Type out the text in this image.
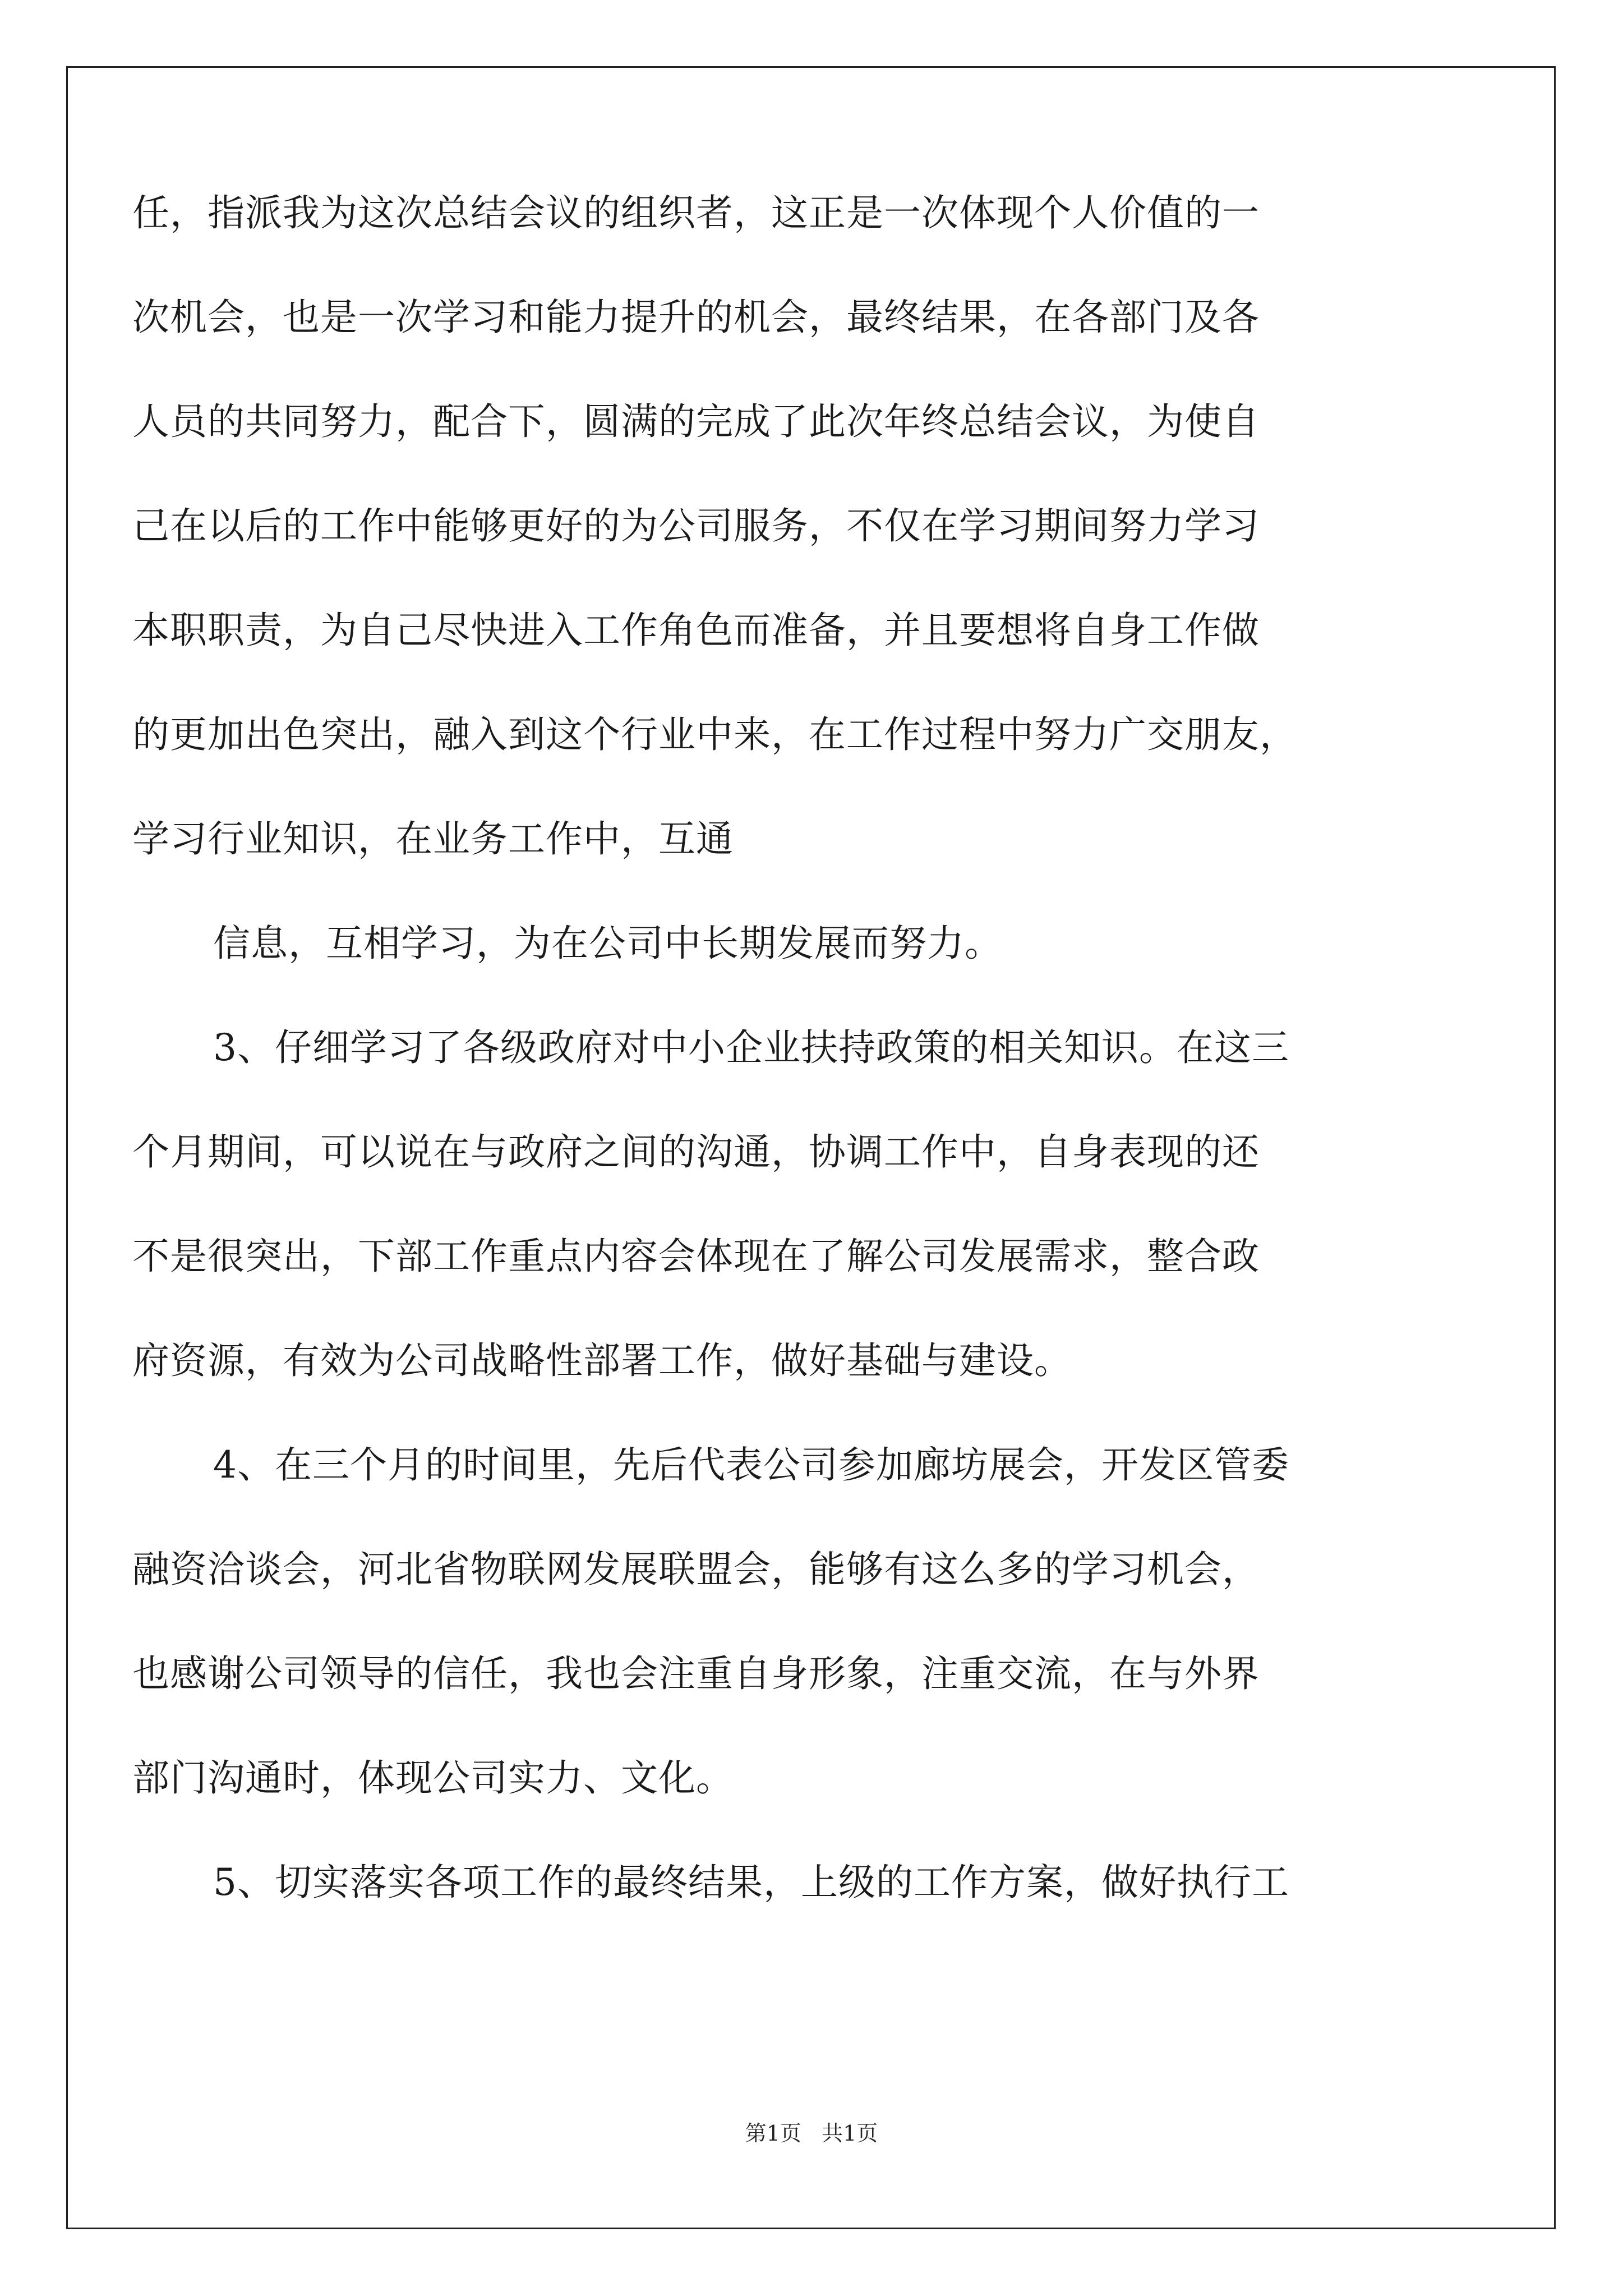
任，指派我为这次总结会议的组织者，这正是一次体现个人价值的一
次机会，也是一次学习和能力提升的机会，最终结果，在各部门及各
人员的共同努力，配合下，圆满的完成了此次年终总结会议，为使自
己在以后的工作中能够更好的为公司服务，不仅在学习期间努力学习
本职职责，为自己尽快进入工作角色而准备，并且要想将自身工作做
的更加出色突出，融入到这个行业中来，在工作过程中努力广交朋友，
学习行业知识，在业务工作中，互通
信息，互相学习，为在公司中长期发展而努力。
3、仔细学习了各级政府对中小企业扶持政策的相关知识。在这三
个月期间，可以说在与政府之间的沟通，协调工作中，自身表现的还
不是很突出，下部工作重点内容会体现在了解公司发展需求，整合政
府资源，有效为公司战略性部署工作，做好基础与建设。
4、在三个月的时间里，先后代表公司参加廊坊展会，开发区管委
融资洽谈会，河北省物联网发展联盟会，能够有这么多的学习机会，
也感谢公司领导的信任，我也会注重自身形象，注重交流，在与外界
部门沟通时，体现公司实力、文化。
5、切实落实各项工作的最终结果，上级的工作方案，做好执行工
第1页   共1页
